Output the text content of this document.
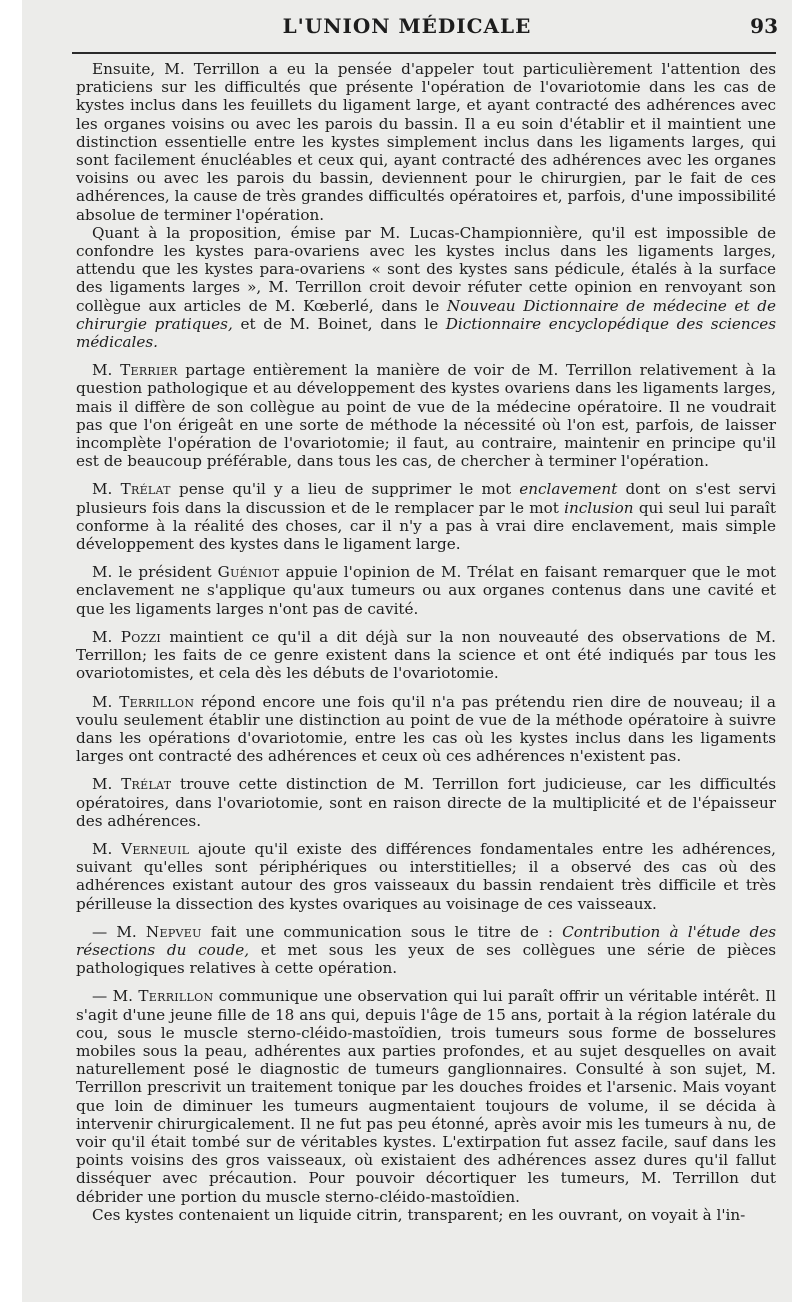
L'UNION MÉDICALE	93

Ensuite, M. Terrillon a eu la pensée d'appeler tout particulièrement l'attention des praticiens sur les difficultés que présente l'opération de l'ovariotomie dans les cas de kystes inclus dans les feuillets du ligament large, et ayant contracté des adhérences avec les organes voisins ou avec les parois du bassin. Il a eu soin d'établir et il maintient une distinction essentielle entre les kystes simplement inclus dans les ligaments larges, qui sont facilement énucléables et ceux qui, ayant contracté des adhérences avec les organes voisins ou avec les parois du bassin, deviennent pour le chirurgien, par le fait de ces adhérences, la cause de très grandes difficultés opératoires et, parfois, d'une impossibilité absolue de terminer l'opération.

Quant à la proposition, émise par M. Lucas-Championnière, qu'il est impossible de confondre les kystes para-ovariens avec les kystes inclus dans les ligaments larges, attendu que les kystes para-ovariens « sont des kystes sans pédicule, étalés à la surface des ligaments larges », M. Terrillon croit devoir réfuter cette opinion en renvoyant son collègue aux articles de M. Kœberlé, dans le Nouveau Dictionnaire de médecine et de chirurgie pratiques, et de M. Boinet, dans le Dictionnaire encyclopédique des sciences médicales.

M. Terrier partage entièrement la manière de voir de M. Terrillon relativement à la question pathologique et au développement des kystes ovariens dans les ligaments larges, mais il diffère de son collègue au point de vue de la médecine opératoire. Il ne voudrait pas que l'on érigeât en une sorte de méthode la nécessité où l'on est, parfois, de laisser incomplète l'opération de l'ovariotomie; il faut, au contraire, maintenir en principe qu'il est de beaucoup préférable, dans tous les cas, de chercher à terminer l'opération.

M. Trélat pense qu'il y a lieu de supprimer le mot enclavement dont on s'est servi plusieurs fois dans la discussion et de le remplacer par le mot inclusion qui seul lui paraît conforme à la réalité des choses, car il n'y a pas à vrai dire enclavement, mais simple développement des kystes dans le ligament large.

M. le président Guéniot appuie l'opinion de M. Trélat en faisant remarquer que le mot enclavement ne s'applique qu'aux tumeurs ou aux organes contenus dans une cavité et que les ligaments larges n'ont pas de cavité.

M. Pozzi maintient ce qu'il a dit déjà sur la non nouveauté des observations de M. Terrillon; les faits de ce genre existent dans la science et ont été indiqués par tous les ovariotomistes, et cela dès les débuts de l'ovariotomie.

M. Terrillon répond encore une fois qu'il n'a pas prétendu rien dire de nouveau; il a voulu seulement établir une distinction au point de vue de la méthode opératoire à suivre dans les opérations d'ovariotomie, entre les cas où les kystes inclus dans les ligaments larges ont contracté des adhérences et ceux où ces adhérences n'existent pas.

M. Trélat trouve cette distinction de M. Terrillon fort judicieuse, car les difficultés opératoires, dans l'ovariotomie, sont en raison directe de la multiplicité et de l'épaisseur des adhérences.

M. Verneuil ajoute qu'il existe des différences fondamentales entre les adhérences, suivant qu'elles sont périphériques ou interstitielles; il a observé des cas où des adhérences existant autour des gros vaisseaux du bassin rendaient très difficile et très périlleuse la dissection des kystes ovariques au voisinage de ces vaisseaux.

— M. Nepveu fait une communication sous le titre de : Contribution à l'étude des résections du coude, et met sous les yeux de ses collègues une série de pièces pathologiques relatives à cette opération.

— M. Terrillon communique une observation qui lui paraît offrir un véritable intérêt. Il s'agit d'une jeune fille de 18 ans qui, depuis l'âge de 15 ans, portait à la région latérale du cou, sous le muscle sterno-cléido-mastoïdien, trois tumeurs sous forme de bosselures mobiles sous la peau, adhérentes aux parties profondes, et au sujet desquelles on avait naturellement posé le diagnostic de tumeurs ganglionnaires. Consulté à son sujet, M. Terrillon prescrivit un traitement tonique par les douches froides et l'arsenic. Mais voyant que loin de diminuer les tumeurs augmentaient toujours de volume, il se décida à intervenir chirurgicalement. Il ne fut pas peu étonné, après avoir mis les tumeurs à nu, de voir qu'il était tombé sur de véritables kystes. L'extirpation fut assez facile, sauf dans les points voisins des gros vaisseaux, où existaient des adhérences assez dures qu'il fallut disséquer avec précaution. Pour pouvoir décortiquer les tumeurs, M. Terrillon dut débrider une portion du muscle sterno-cléido-mastoïdien.

Ces kystes contenaient un liquide citrin, transparent; en les ouvrant, on voyait à l'in-
